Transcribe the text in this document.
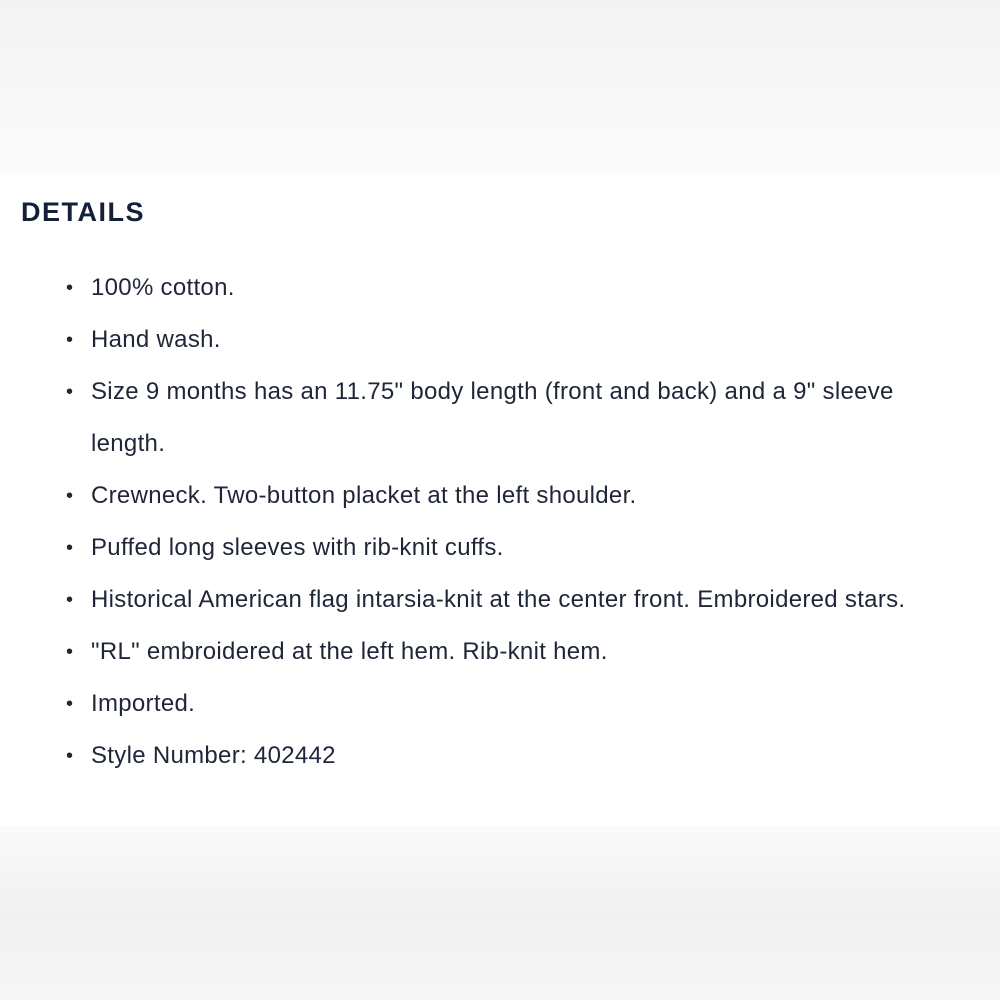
DETAILS
• 100% cotton.
• Hand wash.
• Size 9 months has an 11.75" body length (front and back) and a 9" sleeve length.
• Crewneck. Two-button placket at the left shoulder.
• Puffed long sleeves with rib-knit cuffs.
• Historical American flag intarsia-knit at the center front. Embroidered stars.
• "RL" embroidered at the left hem. Rib-knit hem.
• Imported.
• Style Number: 402442
